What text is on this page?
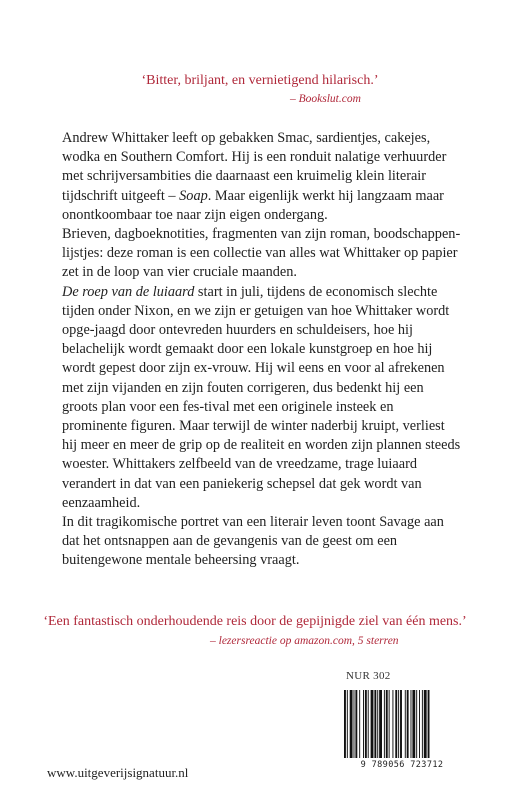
‘Bitter, briljant, en vernietigend hilarisch.’
– Bookslut.com

Andrew Whittaker leeft op gebakken Smac, sardientjes, cakejes, wodka en Southern Comfort. Hij is een ronduit nalatige verhuurder met schrijversambities die daarnaast een kruimelig klein literair tijdschrift uitgeeft – Soap. Maar eigenlijk werkt hij langzaam maar onontkoombaar toe naar zijn eigen ondergang.

Brieven, dagboeknotities, fragmenten van zijn roman, boodschappen-lijstjes: deze roman is een collectie van alles wat Whittaker op papier zet in de loop van vier cruciale maanden.

De roep van de luiaard start in juli, tijdens de economisch slechte tijden onder Nixon, en we zijn er getuigen van hoe Whittaker wordt opge-jaagd door ontevreden huurders en schuldeisers, hoe hij belachelijk wordt gemaakt door een lokale kunstgroep en hoe hij wordt gepest door zijn ex-vrouw. Hij wil eens en voor al afrekenen met zijn vijanden en zijn fouten corrigeren, dus bedenkt hij een groots plan voor een fes-tival met een originele insteek en prominente figuren. Maar terwijl de winter naderbij kruipt, verliest hij meer en meer de grip op de realiteit en worden zijn plannen steeds woester. Whittakers zelfbeeld van de vreedzame, trage luiaard verandert in dat van een paniekerig schepsel dat gek wordt van eenzaamheid.

In dit tragikomische portret van een literair leven toont Savage aan dat het ontsnappen aan de gevangenis van de geest om een buitengewone mentale beheersing vraagt.

‘Een fantastisch onderhoudende reis door de gepijnigde ziel van één mens.’
– lezersreactie op amazon.com, 5 sterren
NUR 302
9 789056 723712
www.uitgeverijsignatuur.nl
